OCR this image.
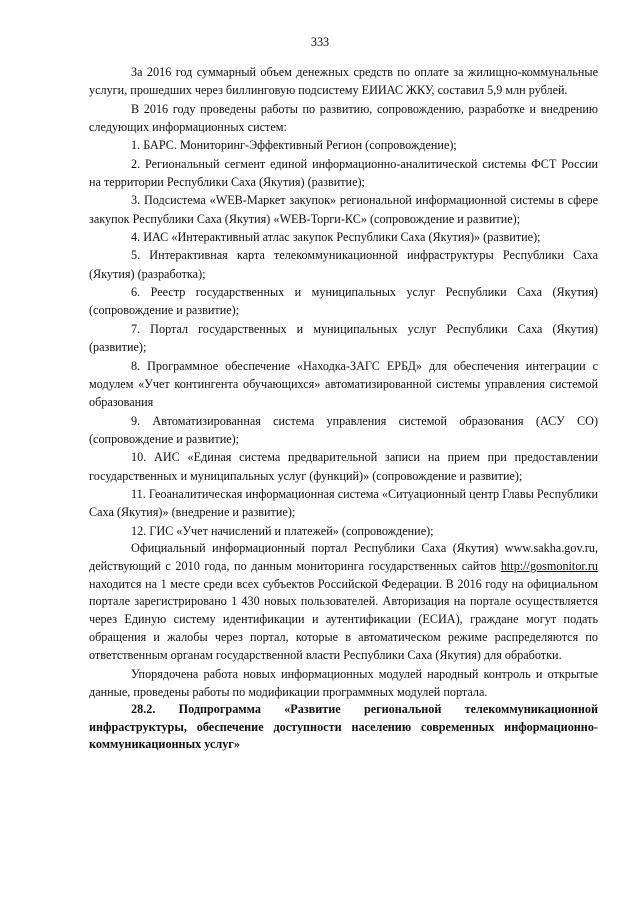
333

За 2016 год суммарный объем денежных средств по оплате за жилищно-коммунальные услуги, прошедших через биллинговую подсистему ЕИИАС ЖКУ, составил 5,9 млн рублей.

В 2016 году проведены работы по развитию, сопровождению, разработке и внедрению следующих информационных систем:

1. БАРС. Мониторинг-Эффективный Регион (сопровождение);

2. Региональный сегмент единой информационно-аналитической системы ФСТ России на территории Республики Саха (Якутия) (развитие);

3. Подсистема «WEB-Маркет закупок» региональной информационной системы в сфере закупок Республики Саха (Якутия) «WEB-Торги-КС» (сопровождение и развитие);

4. ИАС «Интерактивный атлас закупок Республики Саха (Якутия)» (развитие);

5. Интерактивная карта телекоммуникационной инфраструктуры Республики Саха (Якутия) (разработка);

6. Реестр государственных и муниципальных услуг Республики Саха (Якутия) (сопровождение и развитие);

7. Портал государственных и муниципальных услуг Республики Саха (Якутия) (развитие);

8. Программное обеспечение «Находка-ЗАГС ЕРБД» для обеспечения интеграции с модулем «Учет контингента обучающихся» автоматизированной системы управления системой образования

9. Автоматизированная система управления системой образования (АСУ СО) (сопровождение и развитие);

10. АИС «Единая система предварительной записи на прием при предоставлении государственных и муниципальных услуг (функций)» (сопровождение и развитие);

11. Геоаналитическая информационная система «Ситуационный центр Главы Республики Саха (Якутия)» (внедрение и развитие);

12. ГИС «Учет начислений и платежей» (сопровождение);

Официальный информационный портал Республики Саха (Якутия) www.sakha.gov.ru, действующий с 2010 года, по данным мониторинга государственных сайтов http://gosmonitor.ru находится на 1 месте среди всех субъектов Российской Федерации. В 2016 году на официальном портале зарегистрировано 1 430 новых пользователей. Авторизация на портале осуществляется через Единую систему идентификации и аутентификации (ЕСИА), граждане могут подать обращения и жалобы через портал, которые в автоматическом режиме распределяются по ответственным органам государственной власти Республики Саха (Якутия) для обработки.

Упорядочена работа новых информационных модулей народный контроль и открытые данные, проведены работы по модификации программных модулей портала.

28.2. Подпрограмма «Развитие региональной телекоммуникационной инфраструктуры, обеспечение доступности населению современных информационно-коммуникационных услуг»
